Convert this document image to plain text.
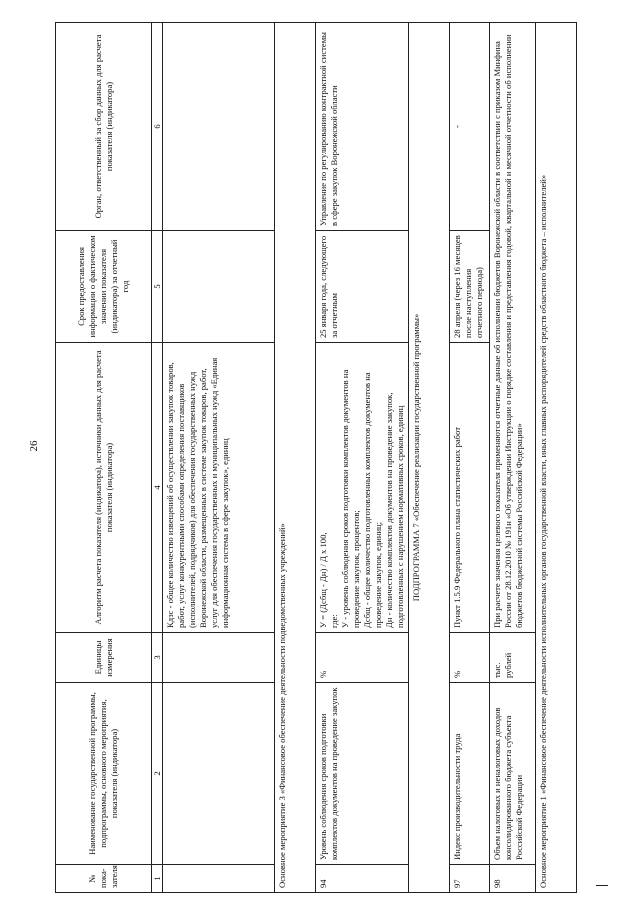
26
№ пока-зателя	Наименование государственной программы, подпрограммы, основного мероприятия, показателя (индикатора)	Единицы измерения	Алгоритм расчета показателя (индикатора), источники данных для расчета показателя (индикатора)	Срок предоставления информации о фактическом значении показателя (индикатора) за отчетный год	Орган, ответственный за сбор данных для расчета показателя (индикатора)
1	2	3	4	5	6
			Кдзс - общее количество извещений об осуществлении закупок товаров, работ, услуг конкурентными способами определения поставщиков (исполнителей, подрядчиков) для обеспечения государственных нужд Воронежской области, размещенных в системе закупок товаров, работ, услуг для обеспечения государственных и муниципальных нужд «Единая информационная система в сфере закупок», единиц		
Основное мероприятие 3 «Финансовое обеспечение деятельности подведомственных учреждений»					
94	Уровень соблюдения сроков подготовки комплектов документов на проведение закупок	%	У = (Дсбщ - Дн) / Д х 100, где: У - уровень соблюдения сроков подготовки комплектов документов на проведение закупок, процентов; Дсбщ - общее количество подготовленных комплектов документов на проведение закупок, единиц; Дн - количество комплектов документов на проведение закупок, подготовленных с нарушением нормативных сроков, единиц	25 января года, следующего за отчетным	Управление по регулированию контрактной системы в сфере закупок Воронежской области
ПОДПРОГРАММА 7 «Обеспечение реализации государственной программы»					
97	Индекс производительности труда	%	Пункт 1.5.9 Федерального плана статистических работ	28 апреля (через 16 месяцев после наступления отчетного периода)	-
98	Объем налоговых и неналоговых доходов консолидированного бюджета субъекта Российской Федерации	тыс. рублей	При расчете значения целевого показателя применяются отчетные данные об исполнении бюджетов Воронежской области в соответствии с приказом Минфина России от 28.12.2010 № 191н «Об утверждении Инструкции о порядке составления и представления годовой, квартальной и месячной отчетности об исполнении бюджетов бюджетной системы Российской Федерации»		
Основное мероприятие 1 «Финансовое обеспечение деятельности исполнительных органов государственной власти, иных главных распорядителей средств областного бюджета – исполнителей»					
